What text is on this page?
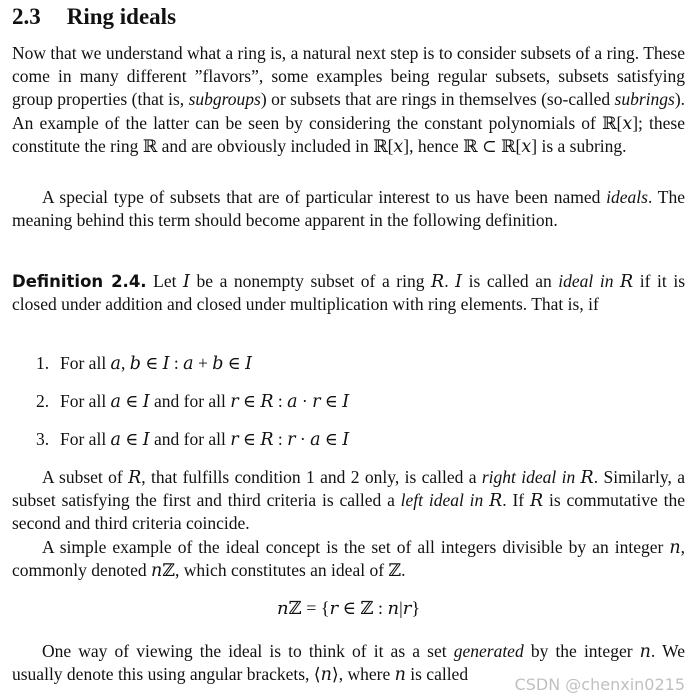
2.3 Ring ideals
Now that we understand what a ring is, a natural next step is to consider subsets of a ring. These come in many different ”flavors”, some examples being regular subsets, subsets satisfying group properties (that is, subgroups) or subsets that are rings in themselves (so-called subrings). An example of the latter can be seen by considering the constant polynomials of ℝ[𝑥]; these constitute the ring ℝ and are obviously included in ℝ[𝑥], hence ℝ ⊂ ℝ[𝑥] is a subring.
A special type of subsets that are of particular interest to us have been named ideals. The meaning behind this term should become apparent in the following definition.
Definition 2.4. Let 𝐼 be a nonempty subset of a ring 𝑅. 𝐼 is called an ideal in 𝑅 if it is closed under addition and closed under multiplication with ring elements. That is, if
1. For all 𝑎, 𝑏 ∈ 𝐼 : 𝑎 + 𝑏 ∈ 𝐼
2. For all 𝑎 ∈ 𝐼 and for all 𝑟 ∈ 𝑅 : 𝑎 · 𝑟 ∈ 𝐼
3. For all 𝑎 ∈ 𝐼 and for all 𝑟 ∈ 𝑅 : 𝑟 · 𝑎 ∈ 𝐼
A subset of 𝑅, that fulfills condition 1 and 2 only, is called a right ideal in 𝑅. Similarly, a subset satisfying the first and third criteria is called a left ideal in 𝑅. If 𝑅 is commutative the second and third criteria coincide.
A simple example of the ideal concept is the set of all integers divisible by an integer 𝑛, commonly denoted 𝑛ℤ, which constitutes an ideal of ℤ.
𝑛ℤ = {𝑟 ∈ ℤ : 𝑛|𝑟}
One way of viewing the ideal is to think of it as a set generated by the integer 𝑛. We usually denote this using angular brackets, ⟨𝑛⟩, where 𝑛 is called
CSDN @chenxin0215
